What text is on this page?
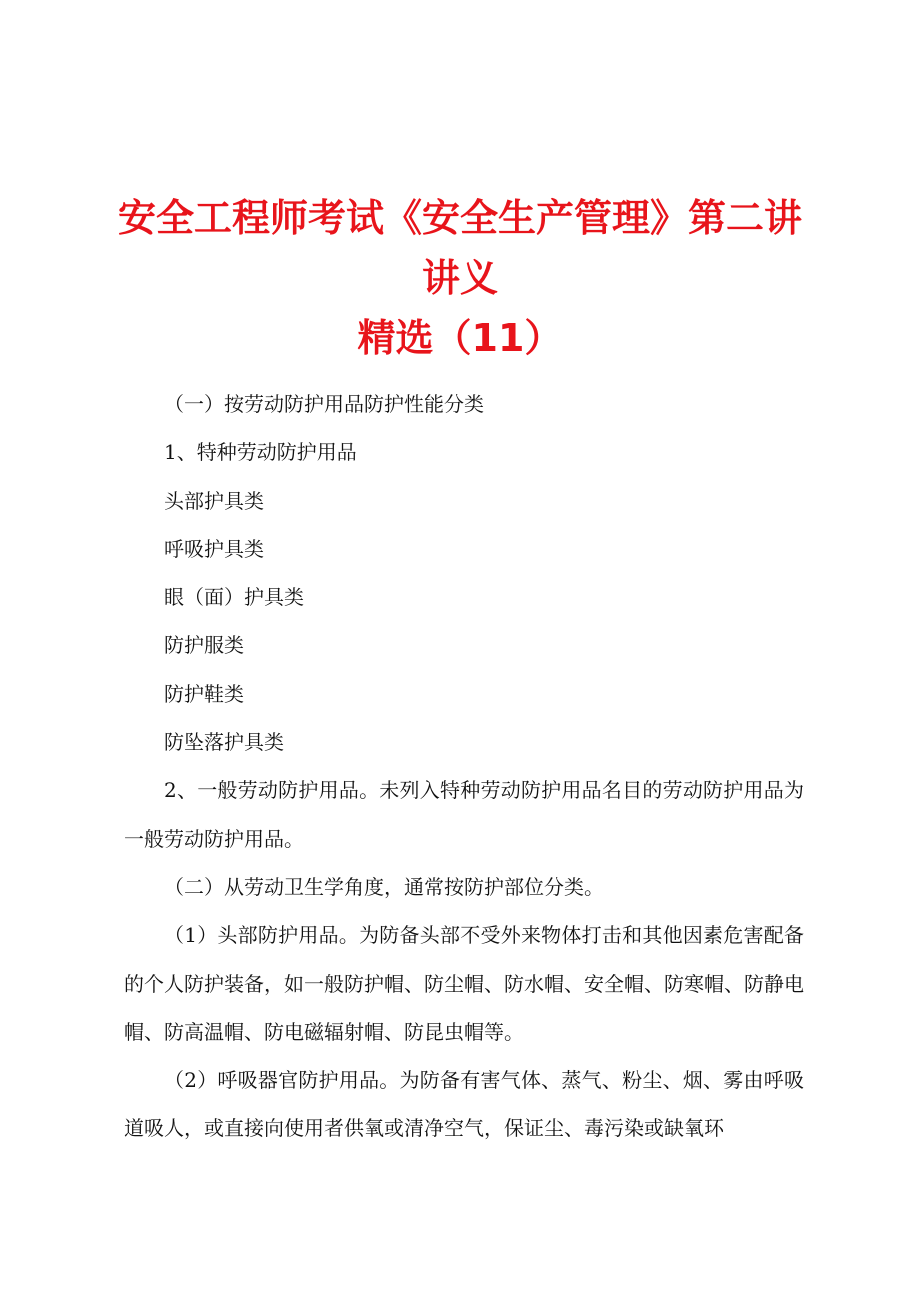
安全工程师考试《安全生产管理》第二讲讲义
精选（11）

（一）按劳动防护用品防护性能分类

1、特种劳动防护用品

头部护具类

呼吸护具类

眼（面）护具类

防护服类

防护鞋类

防坠落护具类

2、一般劳动防护用品。未列入特种劳动防护用品名目的劳动防护用品为一般劳动防护用品。

（二）从劳动卫生学角度，通常按防护部位分类。

（1）头部防护用品。为防备头部不受外来物体打击和其他因素危害配备的个人防护装备，如一般防护帽、防尘帽、防水帽、安全帽、防寒帽、防静电帽、防高温帽、防电磁辐射帽、防昆虫帽等。

（2）呼吸器官防护用品。为防备有害气体、蒸气、粉尘、烟、雾由呼吸道吸人，或直接向使用者供氧或清净空气，保证尘、毒污染或缺氧环
